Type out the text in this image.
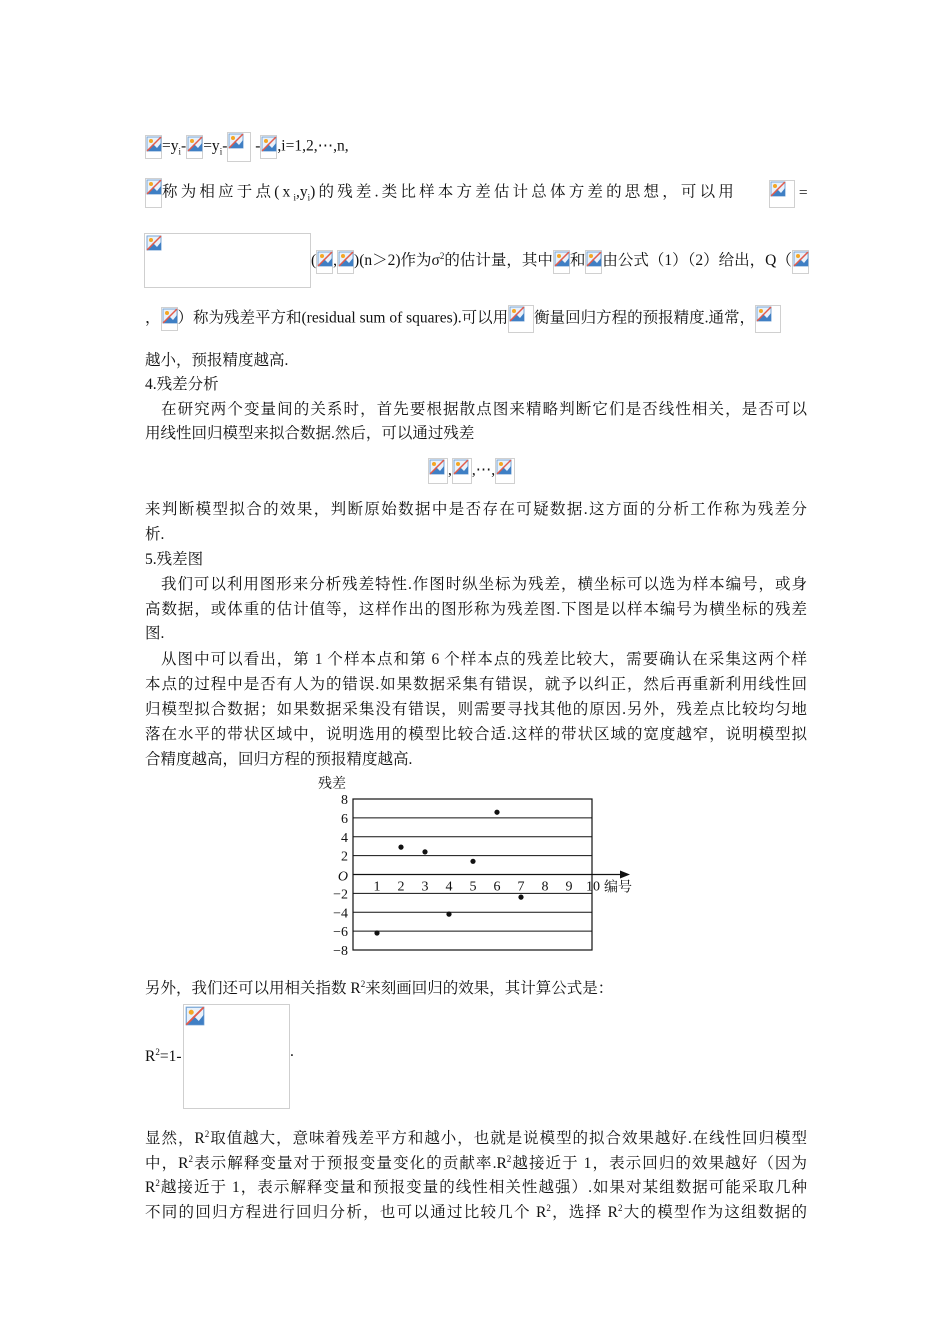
$=y_i- =y_i-$ - ,i=1,2,⋯,n,
称为相应于点$(x_i,y_i)$的残差.类比样本方差估计总体方差的思想，可以用	=
( , )(n＞2)作为$\sigma^2$的估计量，其中 和 由公式（1）（2）给出，Q（
， ）称为残差平方和(residual sum of squares).可以用 衡量回归方程的预报精度.通常，
越小，预报精度越高.
4.残差分析
在研究两个变量间的关系时，首先要根据散点图来精略判断它们是否线性相关，是否可以
用线性回归模型来拟合数据.然后，可以通过残差
, ,⋯,
来判断模型拟合的效果，判断原始数据中是否存在可疑数据.这方面的分析工作称为残差分
析.
5.残差图
我们可以利用图形来分析残差特性.作图时纵坐标为残差，横坐标可以选为样本编号，或身
高数据，或体重的估计值等，这样作出的图形称为残差图.下图是以样本编号为横坐标的残差
图.
从图中可以看出，第 1 个样本点和第 6 个样本点的残差比较大，需要确认在采集这两个样
本点的过程中是否有人为的错误.如果数据采集有错误，就予以纠正，然后再重新利用线性回
归模型拟合数据；如果数据采集没有错误，则需要寻找其他的原因.另外，残差点比较均匀地
落在水平的带状区域中，说明选用的模型比较合适.这样的带状区域的宽度越窄，说明模型拟
合精度越高，回归方程的预报精度越高.
8
6
4
2
−2
−4
−6
−8
O
1 2 3 4 5 6 7 8 9 10
残差
编号
另外，我们还可以用相关指数 $R^2$来刻画回归的效果，其计算公式是：
$R^2=1-$	.
显然，$R^2$取值越大，意味着残差平方和越小，也就是说模型的拟合效果越好.在线性回归模型
中，$R^2$表示解释变量对于预报变量变化的贡献率$.R^2$越接近于 1，表示回归的效果越好（因为
$R^2$越接近于 1，表示解释变量和预报变量的线性相关性越强）.如果对某组数据可能采取几种
不同的回归方程进行回归分析，也可以通过比较几个 $R^2$，选择 $R^2$大的模型作为这组数据的
